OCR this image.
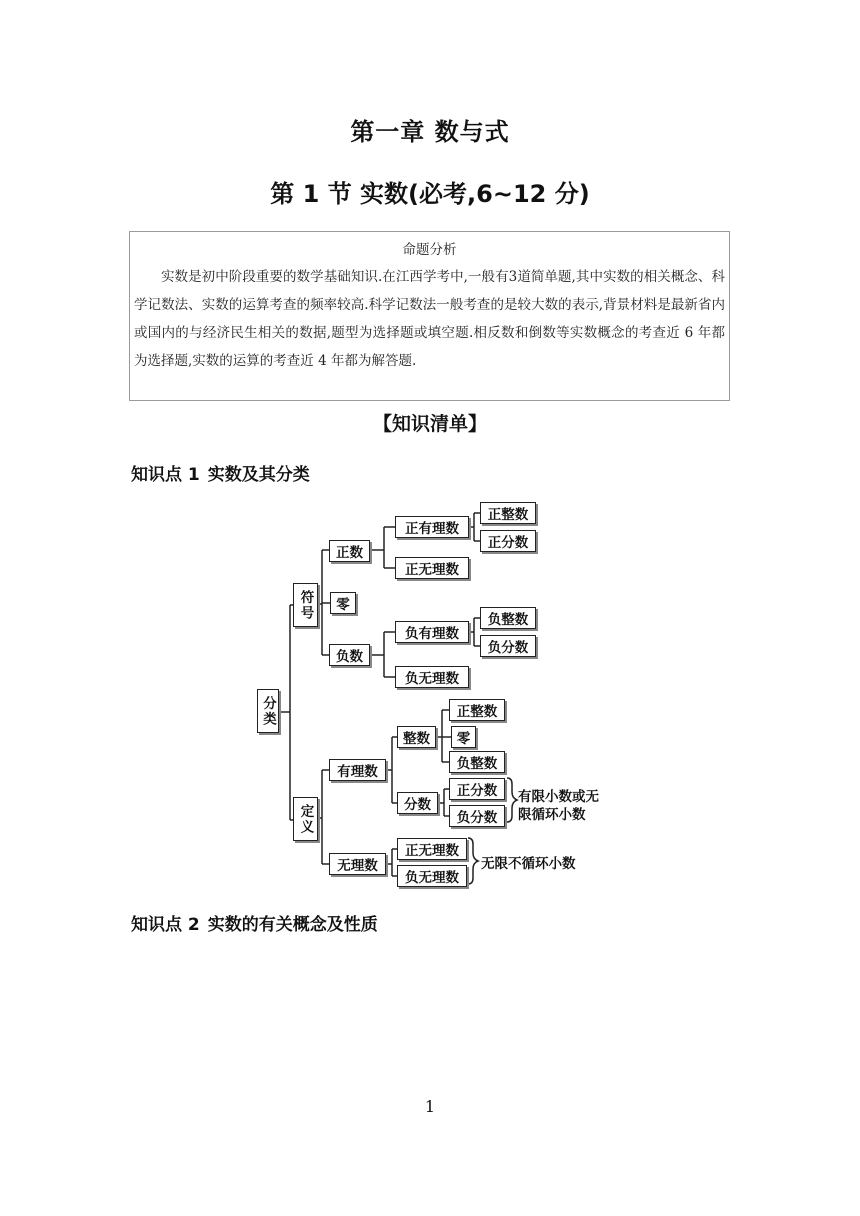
第一章 数与式
第 1 节 实数(必考,6~12 分)
命题分析

实数是初中阶段重要的数学基础知识.在江西学考中,一般有3道简单题,其中实数的相关概念、科学记数法、实数的运算考查的频率较高.科学记数法一般考查的是较大数的表示,背景材料是最新省内或国内的与经济民生相关的数据,题型为选择题或填空题.相反数和倒数等实数概念的考查近 6 年都为选择题,实数的运算的考查近 4 年都为解答题.

【知识清单】
知识点 1 实数及其分类
分类
符号
定义
正数
零
负数
正有理数
正整数
正分数
正无理数
负有理数
负整数
负分数
负无理数
有理数
无理数
整数
分数
正整数
零
负整数
正分数
负分数
正无理数
负无理数
有限小数或无限循环小数
无限不循环小数
知识点 2 实数的有关概念及性质
1
